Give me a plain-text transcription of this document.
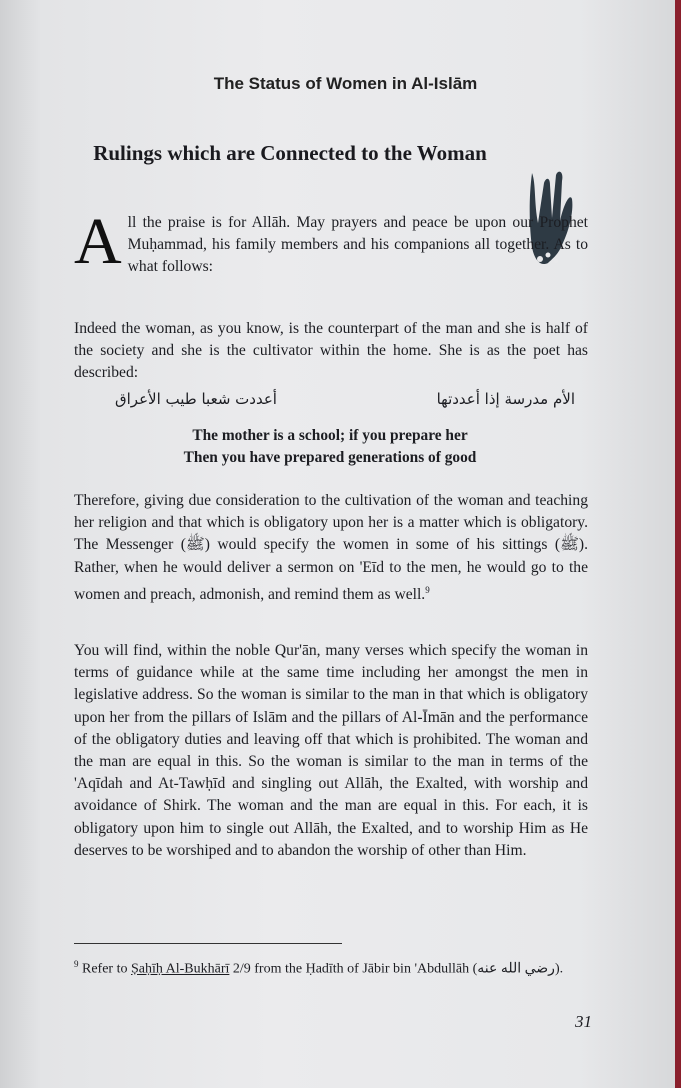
The Status of Women in Al-Islām
Rulings which are Connected to the Woman
All the praise is for Allāh. May prayers and peace be upon our Prophet Muḥammad, his family members and his companions all together. As to what follows:
Indeed the woman, as you know, is the counterpart of the man and she is half of the society and she is the cultivator within the home. She is as the poet has described:
الأم مدرسة إذا أعددتها
أعددت شعبا طيب الأعراق
The mother is a school; if you prepare her
Then you have prepared generations of good
Therefore, giving due consideration to the cultivation of the woman and teaching her religion and that which is obligatory upon her is a matter which is obligatory. The Messenger (ﷺ) would specify the women in some of his sittings (ﷺ). Rather, when he would deliver a sermon on 'Eīd to the men, he would go to the women and preach, admonish, and remind them as well.$^9$
You will find, within the noble Qur'ān, many verses which specify the woman in terms of guidance while at the same time including her amongst the men in legislative address. So the woman is similar to the man in that which is obligatory upon her from the pillars of Islām and the pillars of Al-Īmān and the performance of the obligatory duties and leaving off that which is prohibited. The woman and the man are equal in this. So the woman is similar to the man in terms of the 'Aqīdah and At-Tawḥīd and singling out Allāh, the Exalted, with worship and avoidance of Shirk. The woman and the man are equal in this. For each, it is obligatory upon him to single out Allāh, the Exalted, and to worship Him as He deserves to be worshiped and to abandon the worship of other than Him.
$^9$ Refer to Ṣaḥīḥ Al-Bukhārī 2/9 from the Ḥadīth of Jābir bin 'Abdullāh (رضي الله عنه).
31
